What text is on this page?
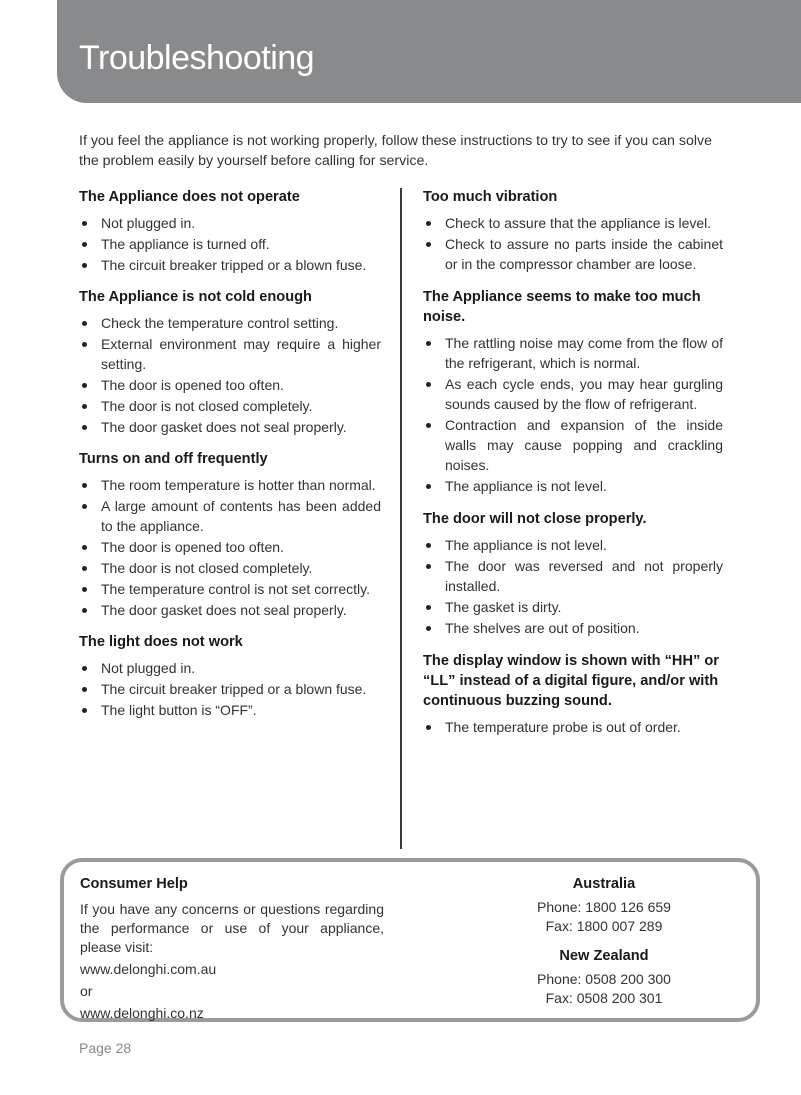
Troubleshooting
If you feel the appliance is not working properly, follow these instructions to try to see if you can solve the problem easily by yourself before calling for service.
The Appliance does not operate
Not plugged in.
The appliance is turned off.
The circuit breaker tripped or a blown fuse.
The Appliance is not cold enough
Check the temperature control setting.
External environment may require a higher setting.
The door is opened too often.
The door is not closed completely.
The door gasket does not seal properly.
Turns on and off frequently
The room temperature is hotter than normal.
A large amount of contents has been added to the appliance.
The door is opened too often.
The door is not closed completely.
The temperature control is not set correctly.
The door gasket does not seal properly.
The light does not work
Not plugged in.
The circuit breaker tripped or a blown fuse.
The light button is “OFF”.
Too much vibration
Check to assure that the appliance is level.
Check to assure no parts inside the cabinet or in the compressor chamber are loose.
The Appliance seems to make too much noise.
The rattling noise may come from the flow of the refrigerant, which is normal.
As each cycle ends, you may hear gurgling sounds caused by the flow of refrigerant.
Contraction and expansion of the inside walls may cause popping and crackling noises.
The appliance is not level.
The door will not close properly.
The appliance is not level.
The door was reversed and not properly installed.
The gasket is dirty.
The shelves are out of position.
The display window is shown with “HH” or “LL” instead of a digital figure, and/or with continuous buzzing sound.
The temperature probe is out of order.
Consumer Help
If you have any concerns or questions regarding the performance or use of your appliance, please visit:
www.delonghi.com.au
or
www.delonghi.co.nz
Australia
Phone: 1800 126 659
Fax: 1800 007 289
New Zealand
Phone: 0508 200 300
Fax: 0508 200 301
Page 28
